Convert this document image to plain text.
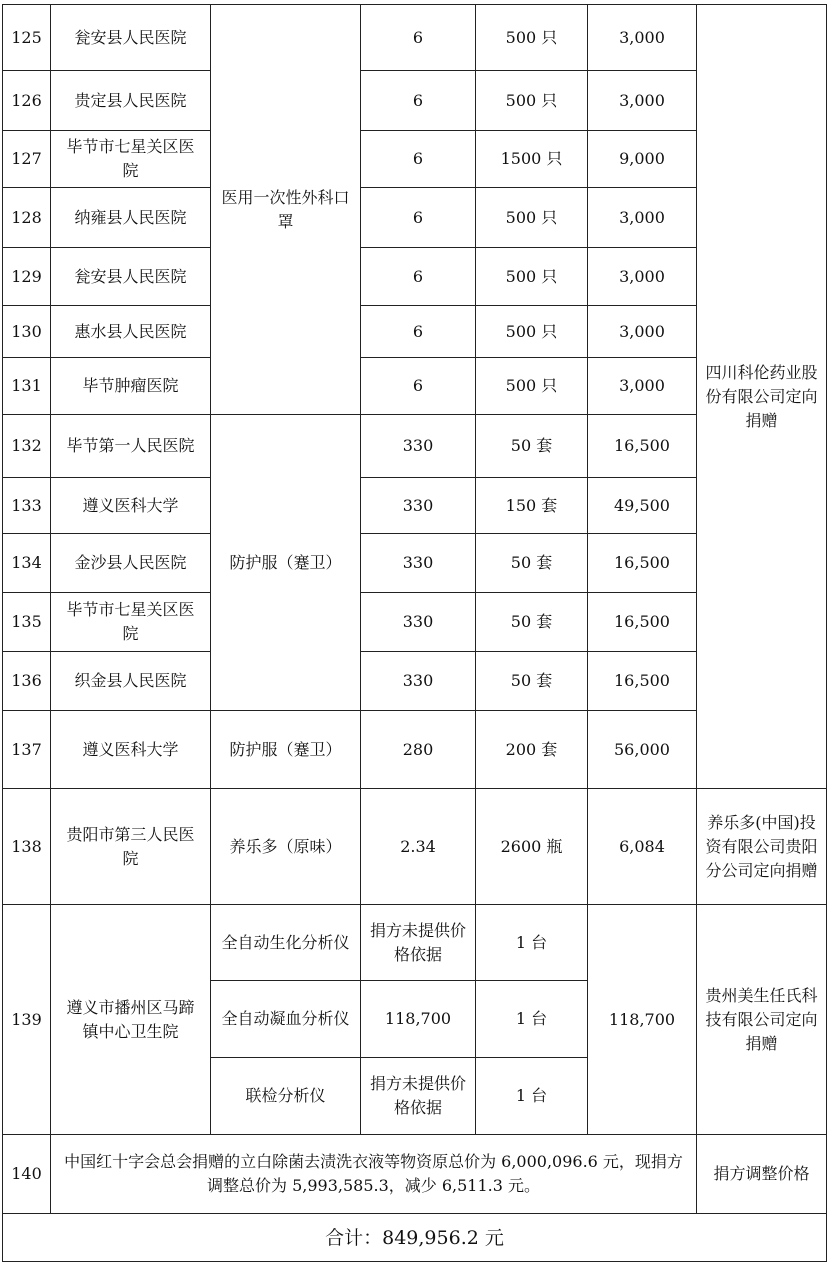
125	瓮安县人民医院	医用一次性外科口罩	6	500 只	3,000	四川科伦药业股份有限公司定向捐赠
126	贵定县人民医院		6	500 只	3,000	
127	毕节市七星关区医院		6	1500 只	9,000	
128	纳雍县人民医院		6	500 只	3,000	
129	瓮安县人民医院		6	500 只	3,000	
130	惠水县人民医院		6	500 只	3,000	
131	毕节肿瘤医院		6	500 只	3,000	
132	毕节第一人民医院	防护服（蹇卫）	330	50 套	16,500	
133	遵义医科大学		330	150 套	49,500	
134	金沙县人民医院		330	50 套	16,500	
135	毕节市七星关区医院		330	50 套	16,500	
136	织金县人民医院		330	50 套	16,500	
137	遵义医科大学	防护服（蹇卫）	280	200 套	56,000	
138	贵阳市第三人民医院	养乐多（原味）	2.34	2600 瓶	6,084	养乐多(中国)投资有限公司贵阳分公司定向捐赠
139	遵义市播州区马蹄镇中心卫生院	全自动生化分析仪	捐方未提供价格依据	1 台	118,700	贵州美生任氏科技有限公司定向捐赠
		全自动凝血分析仪	118,700	1 台		
		联检分析仪	捐方未提供价格依据	1 台		
140	中国红十字会总会捐赠的立白除菌去渍洗衣液等物资原总价为 6,000,096.6 元，现捐方调整总价为 5,993,585.3，减少 6,511.3 元。					捐方调整价格
合计：849,956.2 元						
